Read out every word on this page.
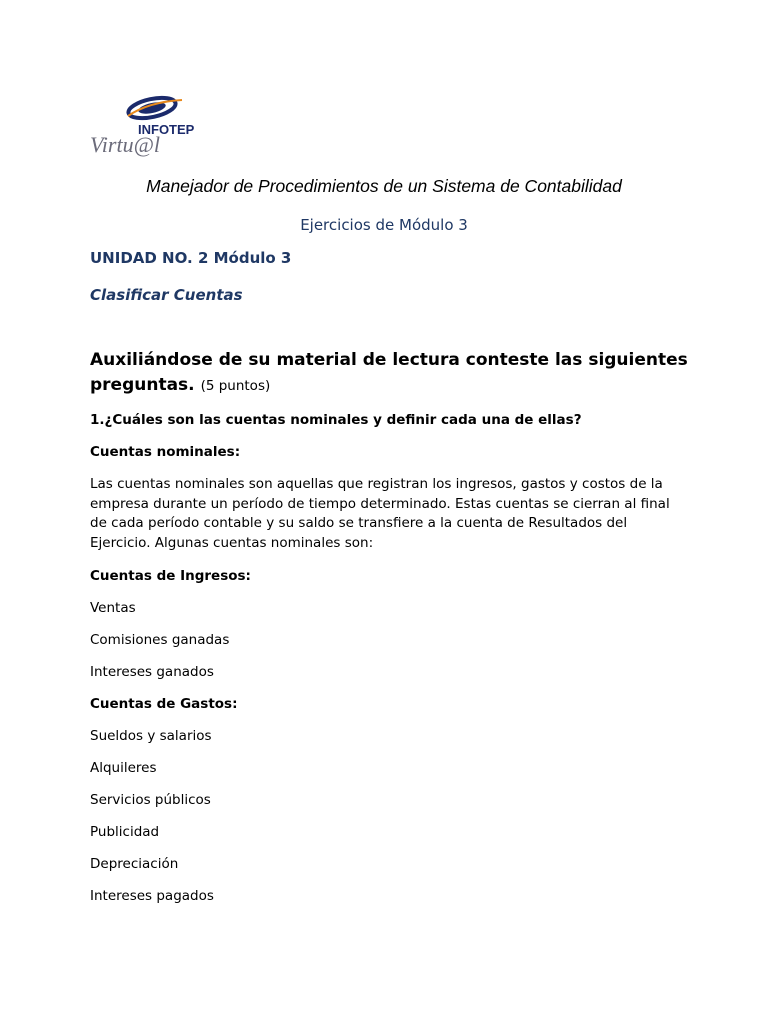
INFOTEP
Virtu@l
Manejador de Procedimientos de un Sistema de Contabilidad
Ejercicios de Módulo 3
UNIDAD NO. 2 Módulo 3
Clasificar Cuentas

Auxiliándose de su material de lectura conteste las siguientes preguntas. (5 puntos)

1.¿Cuáles son las cuentas nominales y definir cada una de ellas?

Cuentas nominales:

Las cuentas nominales son aquellas que registran los ingresos, gastos y costos de la empresa durante un período de tiempo determinado. Estas cuentas se cierran al final de cada período contable y su saldo se transfiere a la cuenta de Resultados del Ejercicio. Algunas cuentas nominales son:

Cuentas de Ingresos:

Ventas

Comisiones ganadas

Intereses ganados

Cuentas de Gastos:

Sueldos y salarios

Alquileres

Servicios públicos

Publicidad

Depreciación

Intereses pagados
